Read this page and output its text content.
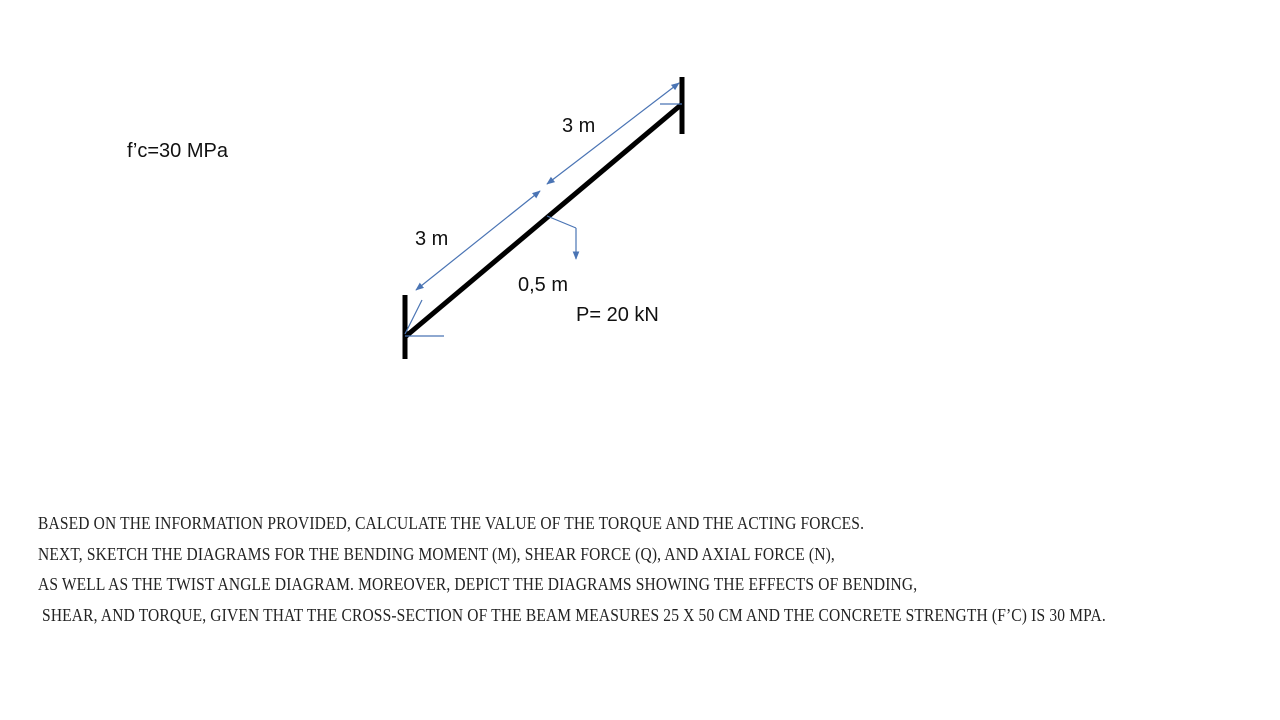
f’c=30 MPa
3 m
3 m
0,5 m
P= 20 kN
BASED ON THE INFORMATION PROVIDED, CALCULATE THE VALUE OF THE TORQUE AND THE ACTING FORCES.
NEXT, SKETCH THE DIAGRAMS FOR THE BENDING MOMENT (M), SHEAR FORCE (Q), AND AXIAL FORCE (N),
AS WELL AS THE TWIST ANGLE DIAGRAM. MOREOVER, DEPICT THE DIAGRAMS SHOWING THE EFFECTS OF BENDING,
SHEAR, AND TORQUE, GIVEN THAT THE CROSS-SECTION OF THE BEAM MEASURES 25 X 50 CM AND THE CONCRETE STRENGTH (F’C) IS 30 MPA.
